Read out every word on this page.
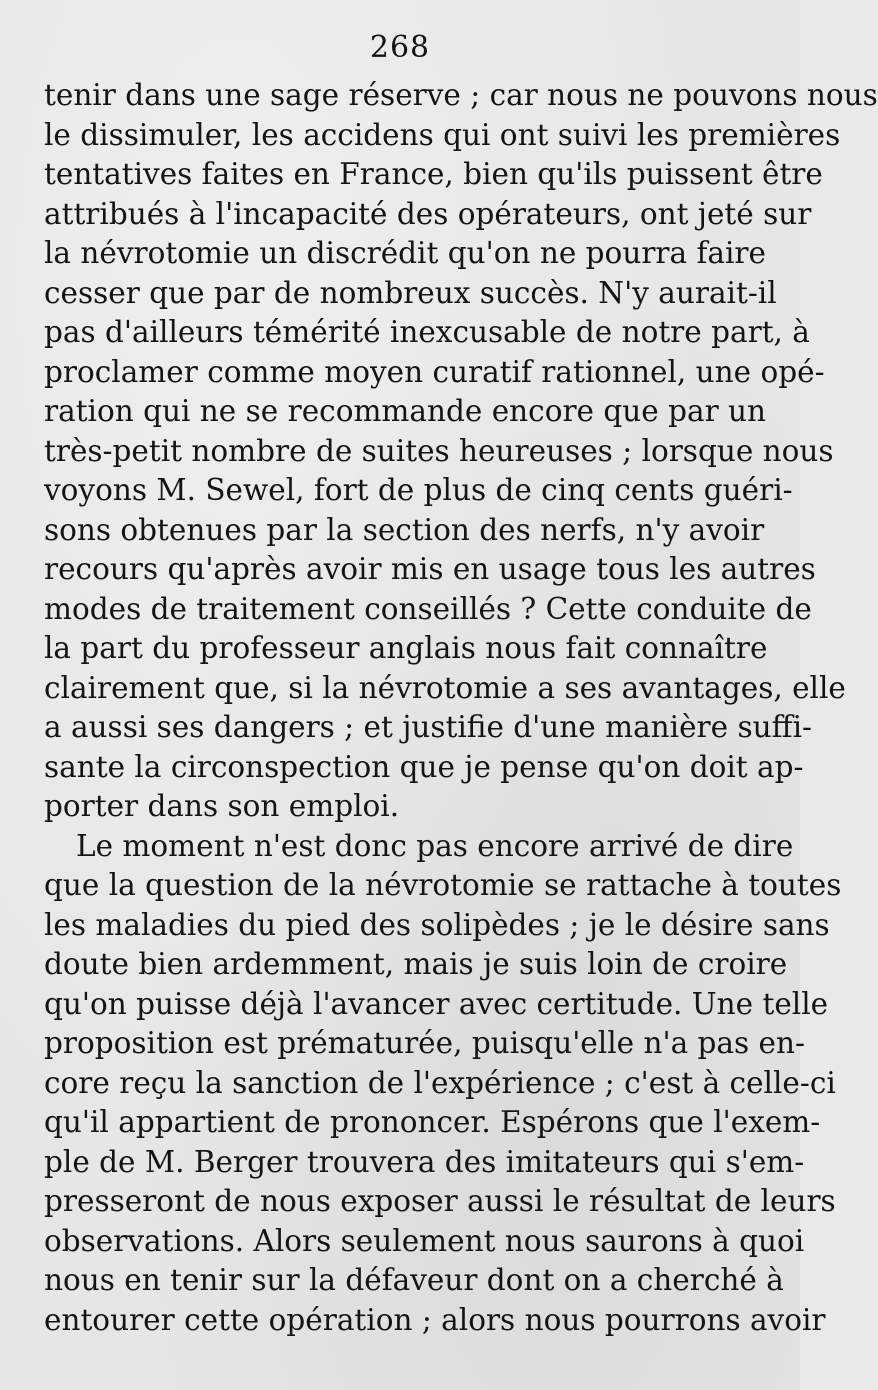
268
tenir dans une sage réserve ; car nous ne pouvons nous
le dissimuler, les accidens qui ont suivi les premières
tentatives faites en France, bien qu'ils puissent être
attribués à l'incapacité des opérateurs, ont jeté sur
la névrotomie un discrédit qu'on ne pourra faire
cesser que par de nombreux succès. N'y aurait-il
pas d'ailleurs témérité inexcusable de notre part, à
proclamer comme moyen curatif rationnel, une opé-
ration qui ne se recommande encore que par un
très-petit nombre de suites heureuses ; lorsque nous
voyons M. Sewel, fort de plus de cinq cents guéri-
sons obtenues par la section des nerfs, n'y avoir
recours qu'après avoir mis en usage tous les autres
modes de traitement conseillés ? Cette conduite de
la part du professeur anglais nous fait connaître
clairement que, si la névrotomie a ses avantages, elle
a aussi ses dangers ; et justifie d'une manière suffi-
sante la circonspection que je pense qu'on doit ap-
porter dans son emploi.
Le moment n'est donc pas encore arrivé de dire
que la question de la névrotomie se rattache à toutes
les maladies du pied des solipèdes ; je le désire sans
doute bien ardemment, mais je suis loin de croire
qu'on puisse déjà l'avancer avec certitude. Une telle
proposition est prématurée, puisqu'elle n'a pas en-
core reçu la sanction de l'expérience ; c'est à celle-ci
qu'il appartient de prononcer. Espérons que l'exem-
ple de M. Berger trouvera des imitateurs qui s'em-
presseront de nous exposer aussi le résultat de leurs
observations. Alors seulement nous saurons à quoi
nous en tenir sur la défaveur dont on a cherché à
entourer cette opération ; alors nous pourrons avoir
